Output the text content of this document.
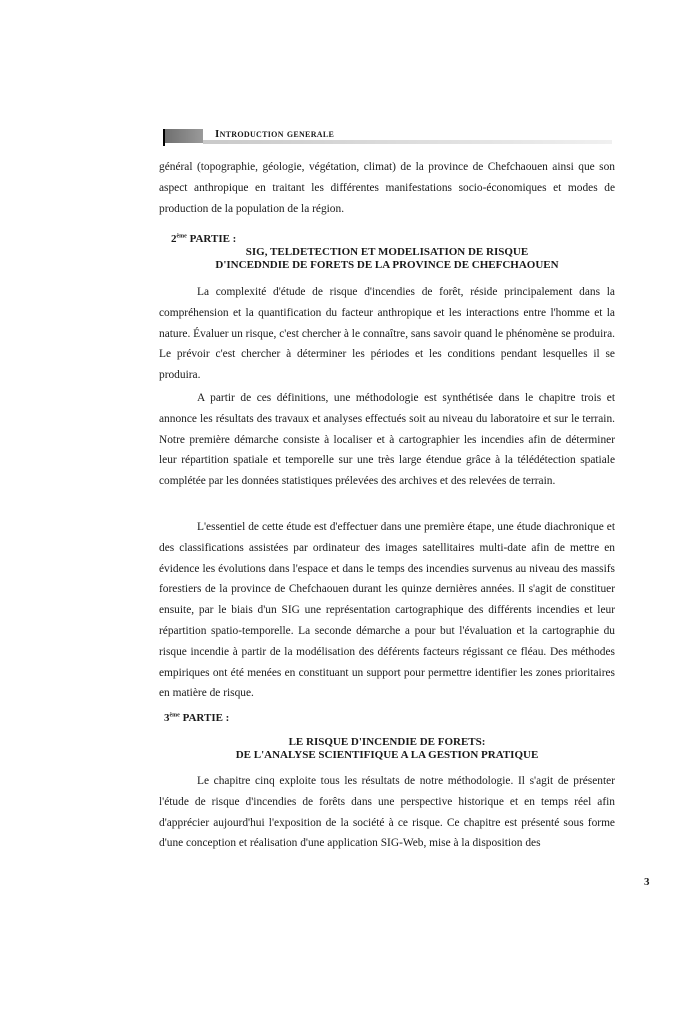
Introduction generale

général (topographie, géologie, végétation, climat) de la province de Chefchaouen ainsi que son aspect anthropique en traitant les différentes manifestations socio-économiques et modes de production de la population de la région.

2ème PARTIE :

SIG, TELDETECTION ET MODELISATION DE RISQUE

D'INCEDNDIE DE FORETS DE LA PROVINCE DE CHEFCHAOUEN

La complexité d'étude de risque d'incendies de forêt, réside principalement dans la compréhension et la quantification du facteur anthropique et les interactions entre l'homme et la nature. Évaluer un risque, c'est chercher à le connaître, sans savoir quand le phénomène se produira. Le prévoir c'est chercher à déterminer les périodes et les conditions pendant lesquelles il se produira.

A partir de ces définitions, une méthodologie est synthétisée dans le chapitre trois et annonce les résultats des travaux et analyses effectués soit au niveau du laboratoire et sur le terrain. Notre première démarche consiste à localiser et à cartographier les incendies afin de déterminer leur répartition spatiale et temporelle sur une très large étendue grâce à la télédétection spatiale complétée par les données statistiques prélevées des archives et des relevées de terrain.

L'essentiel de cette étude est d'effectuer dans une première étape, une étude diachronique et des classifications assistées par ordinateur des images satellitaires multi-date afin de mettre en évidence les évolutions dans l'espace et dans le temps des incendies survenus au niveau des massifs forestiers de la province de Chefchaouen durant les quinze dernières années. Il s'agit de constituer ensuite, par le biais d'un SIG une représentation cartographique des différents incendies et leur répartition spatio-temporelle. La seconde démarche a pour but l'évaluation et la cartographie du risque incendie à partir de la modélisation des déférents facteurs régissant ce fléau. Des méthodes empiriques ont été menées en constituant un support pour permettre identifier les zones prioritaires en matière de risque.

3ème PARTIE :

LE RISQUE D'INCENDIE DE FORETS:

DE L'ANALYSE SCIENTIFIQUE A LA GESTION PRATIQUE

Le chapitre cinq exploite tous les résultats de notre méthodologie. Il s'agit de présenter l'étude de risque d'incendies de forêts dans une perspective historique et en temps réel afin d'apprécier aujourd'hui l'exposition de la société à ce risque. Ce chapitre est présenté sous forme d'une conception et réalisation d'une application SIG-Web, mise à la disposition des

3
